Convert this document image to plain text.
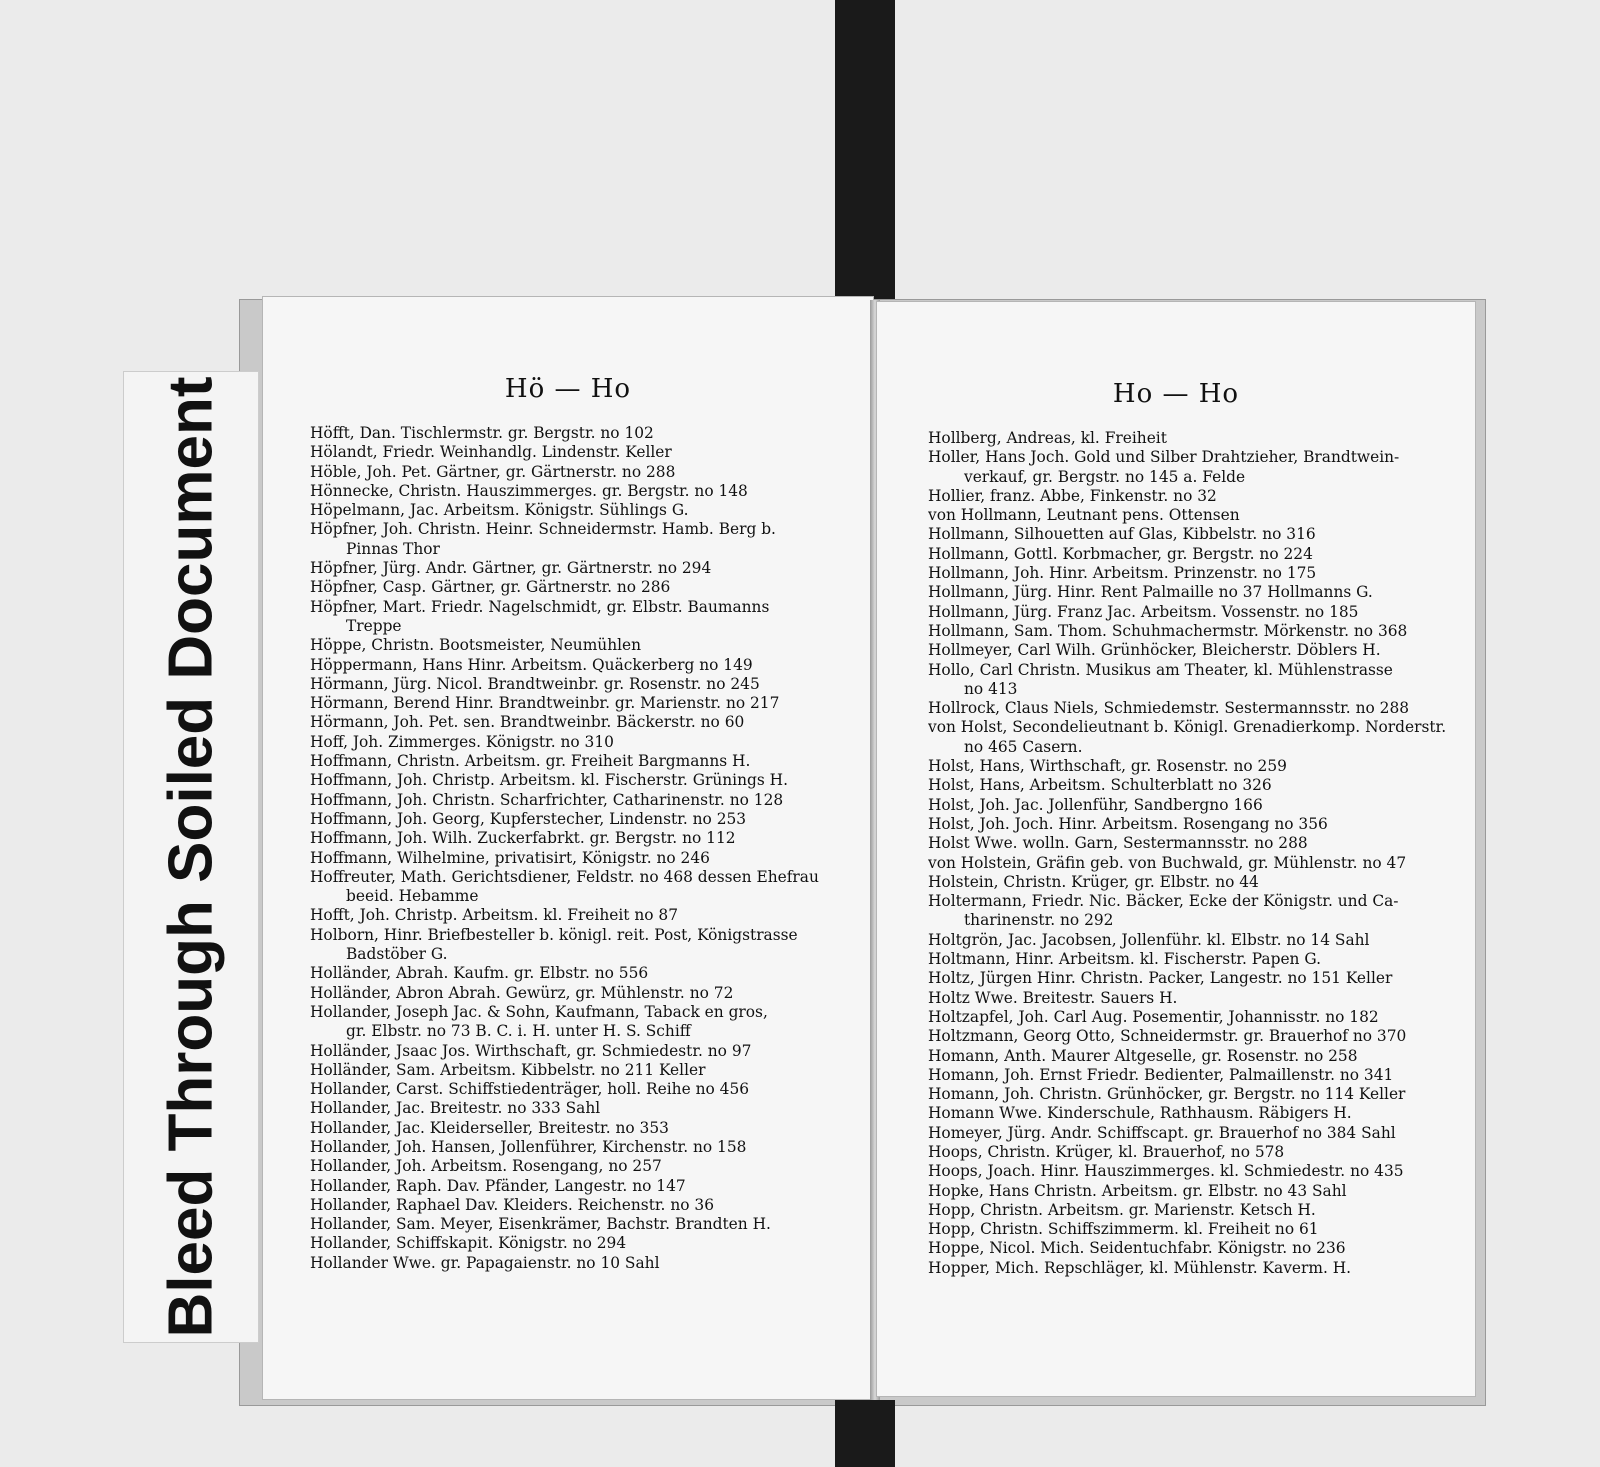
Hö — Ho
Höfft, Dan. Tischlermstr. gr. Bergstr. no 102
Hölandt, Friedr. Weinhandlg. Lindenstr. Keller
Höble, Joh. Pet. Gärtner, gr. Gärtnerstr. no 288
Hönnecke, Christn. Hauszimmerges. gr. Bergstr. no 148
Höpelmann, Jac. Arbeitsm. Königstr. Sühlings G.
Höpfner, Joh. Christn. Heinr. Schneidermstr. Hamb. Berg b.
Pinnas Thor
Höpfner, Jürg. Andr. Gärtner, gr. Gärtnerstr. no 294
Höpfner, Casp. Gärtner, gr. Gärtnerstr. no 286
Höpfner, Mart. Friedr. Nagelschmidt, gr. Elbstr. Baumanns
Treppe
Höppe, Christn. Bootsmeister, Neumühlen
Höppermann, Hans Hinr. Arbeitsm. Quäckerberg no 149
Hörmann, Jürg. Nicol. Brandtweinbr. gr. Rosenstr. no 245
Hörmann, Berend Hinr. Brandtweinbr. gr. Marienstr. no 217
Hörmann, Joh. Pet. sen. Brandtweinbr. Bäckerstr. no 60
Hoff, Joh. Zimmerges. Königstr. no 310
Hoffmann, Christn. Arbeitsm. gr. Freiheit Bargmanns H.
Hoffmann, Joh. Christp. Arbeitsm. kl. Fischerstr. Grünings H.
Hoffmann, Joh. Christn. Scharfrichter, Catharinenstr. no 128
Hoffmann, Joh. Georg, Kupferstecher, Lindenstr. no 253
Hoffmann, Joh. Wilh. Zuckerfabrkt. gr. Bergstr. no 112
Hoffmann, Wilhelmine, privatisirt, Königstr. no 246
Hoffreuter, Math. Gerichtsdiener, Feldstr. no 468 dessen Ehefrau
beeid. Hebamme
Hofft, Joh. Christp. Arbeitsm. kl. Freiheit no 87
Holborn, Hinr. Briefbesteller b. königl. reit. Post, Königstrasse
Badstöber G.
Holländer, Abrah. Kaufm. gr. Elbstr. no 556
Holländer, Abron Abrah. Gewürz, gr. Mühlenstr. no 72
Hollander, Joseph Jac. & Sohn, Kaufmann, Taback en gros,
gr. Elbstr. no 73 B. C. i. H. unter H. S. Schiff
Holländer, Jsaac Jos. Wirthschaft, gr. Schmiedestr. no 97
Holländer, Sam. Arbeitsm. Kibbelstr. no 211 Keller
Hollander, Carst. Schiffstiedenträger, holl. Reihe no 456
Hollander, Jac. Breitestr. no 333 Sahl
Hollander, Jac. Kleiderseller, Breitestr. no 353
Hollander, Joh. Hansen, Jollenführer, Kirchenstr. no 158
Hollander, Joh. Arbeitsm. Rosengang, no 257
Hollander, Raph. Dav. Pfänder, Langestr. no 147
Hollander, Raphael Dav. Kleiders. Reichenstr. no 36
Hollander, Sam. Meyer, Eisenkrämer, Bachstr. Brandten H.
Hollander, Schiffskapit. Königstr. no 294
Hollander Wwe. gr. Papagaienstr. no 10 Sahl
Ho — Ho
Hollberg, Andreas, kl. Freiheit
Holler, Hans Joch. Gold und Silber Drahtzieher, Brandtwein-
verkauf, gr. Bergstr. no 145 a. Felde
Hollier, franz. Abbe, Finkenstr. no 32
von Hollmann, Leutnant pens. Ottensen
Hollmann, Silhouetten auf Glas, Kibbelstr. no 316
Hollmann, Gottl. Korbmacher, gr. Bergstr. no 224
Hollmann, Joh. Hinr. Arbeitsm. Prinzenstr. no 175
Hollmann, Jürg. Hinr. Rent Palmaille no 37 Hollmanns G.
Hollmann, Jürg. Franz Jac. Arbeitsm. Vossenstr. no 185
Hollmann, Sam. Thom. Schuhmachermstr. Mörkenstr. no 368
Hollmeyer, Carl Wilh. Grünhöcker, Bleicherstr. Döblers H.
Hollo, Carl Christn. Musikus am Theater, kl. Mühlenstrasse
no 413
Hollrock, Claus Niels, Schmiedemstr. Sestermannsstr. no 288
von Holst, Secondelieutnant b. Königl. Grenadierkomp. Norderstr.
no 465 Casern.
Holst, Hans, Wirthschaft, gr. Rosenstr. no 259
Holst, Hans, Arbeitsm. Schulterblatt no 326
Holst, Joh. Jac. Jollenführ, Sandbergno 166
Holst, Joh. Joch. Hinr. Arbeitsm. Rosengang no 356
Holst Wwe. wolln. Garn, Sestermannsstr. no 288
von Holstein, Gräfin geb. von Buchwald, gr. Mühlenstr. no 47
Holstein, Christn. Krüger, gr. Elbstr. no 44
Holtermann, Friedr. Nic. Bäcker, Ecke der Königstr. und Ca-
tharinenstr. no 292
Holtgrön, Jac. Jacobsen, Jollenführ. kl. Elbstr. no 14 Sahl
Holtmann, Hinr. Arbeitsm. kl. Fischerstr. Papen G.
Holtz, Jürgen Hinr. Christn. Packer, Langestr. no 151 Keller
Holtz Wwe. Breitestr. Sauers H.
Holtzapfel, Joh. Carl Aug. Posementir, Johannisstr. no 182
Holtzmann, Georg Otto, Schneidermstr. gr. Brauerhof no 370
Homann, Anth. Maurer Altgeselle, gr. Rosenstr. no 258
Homann, Joh. Ernst Friedr. Bedienter, Palmaillenstr. no 341
Homann, Joh. Christn. Grünhöcker, gr. Bergstr. no 114 Keller
Homann Wwe. Kinderschule, Rathhausm. Räbigers H.
Homeyer, Jürg. Andr. Schiffscapt. gr. Brauerhof no 384 Sahl
Hoops, Christn. Krüger, kl. Brauerhof, no 578
Hoops, Joach. Hinr. Hauszimmerges. kl. Schmiedestr. no 435
Hopke, Hans Christn. Arbeitsm. gr. Elbstr. no 43 Sahl
Hopp, Christn. Arbeitsm. gr. Marienstr. Ketsch H.
Hopp, Christn. Schiffszimmerm. kl. Freiheit no 61
Hoppe, Nicol. Mich. Seidentuchfabr. Königstr. no 236
Hopper, Mich. Repschläger, kl. Mühlenstr. Kaverm. H.
Bleed Through Soiled Document
